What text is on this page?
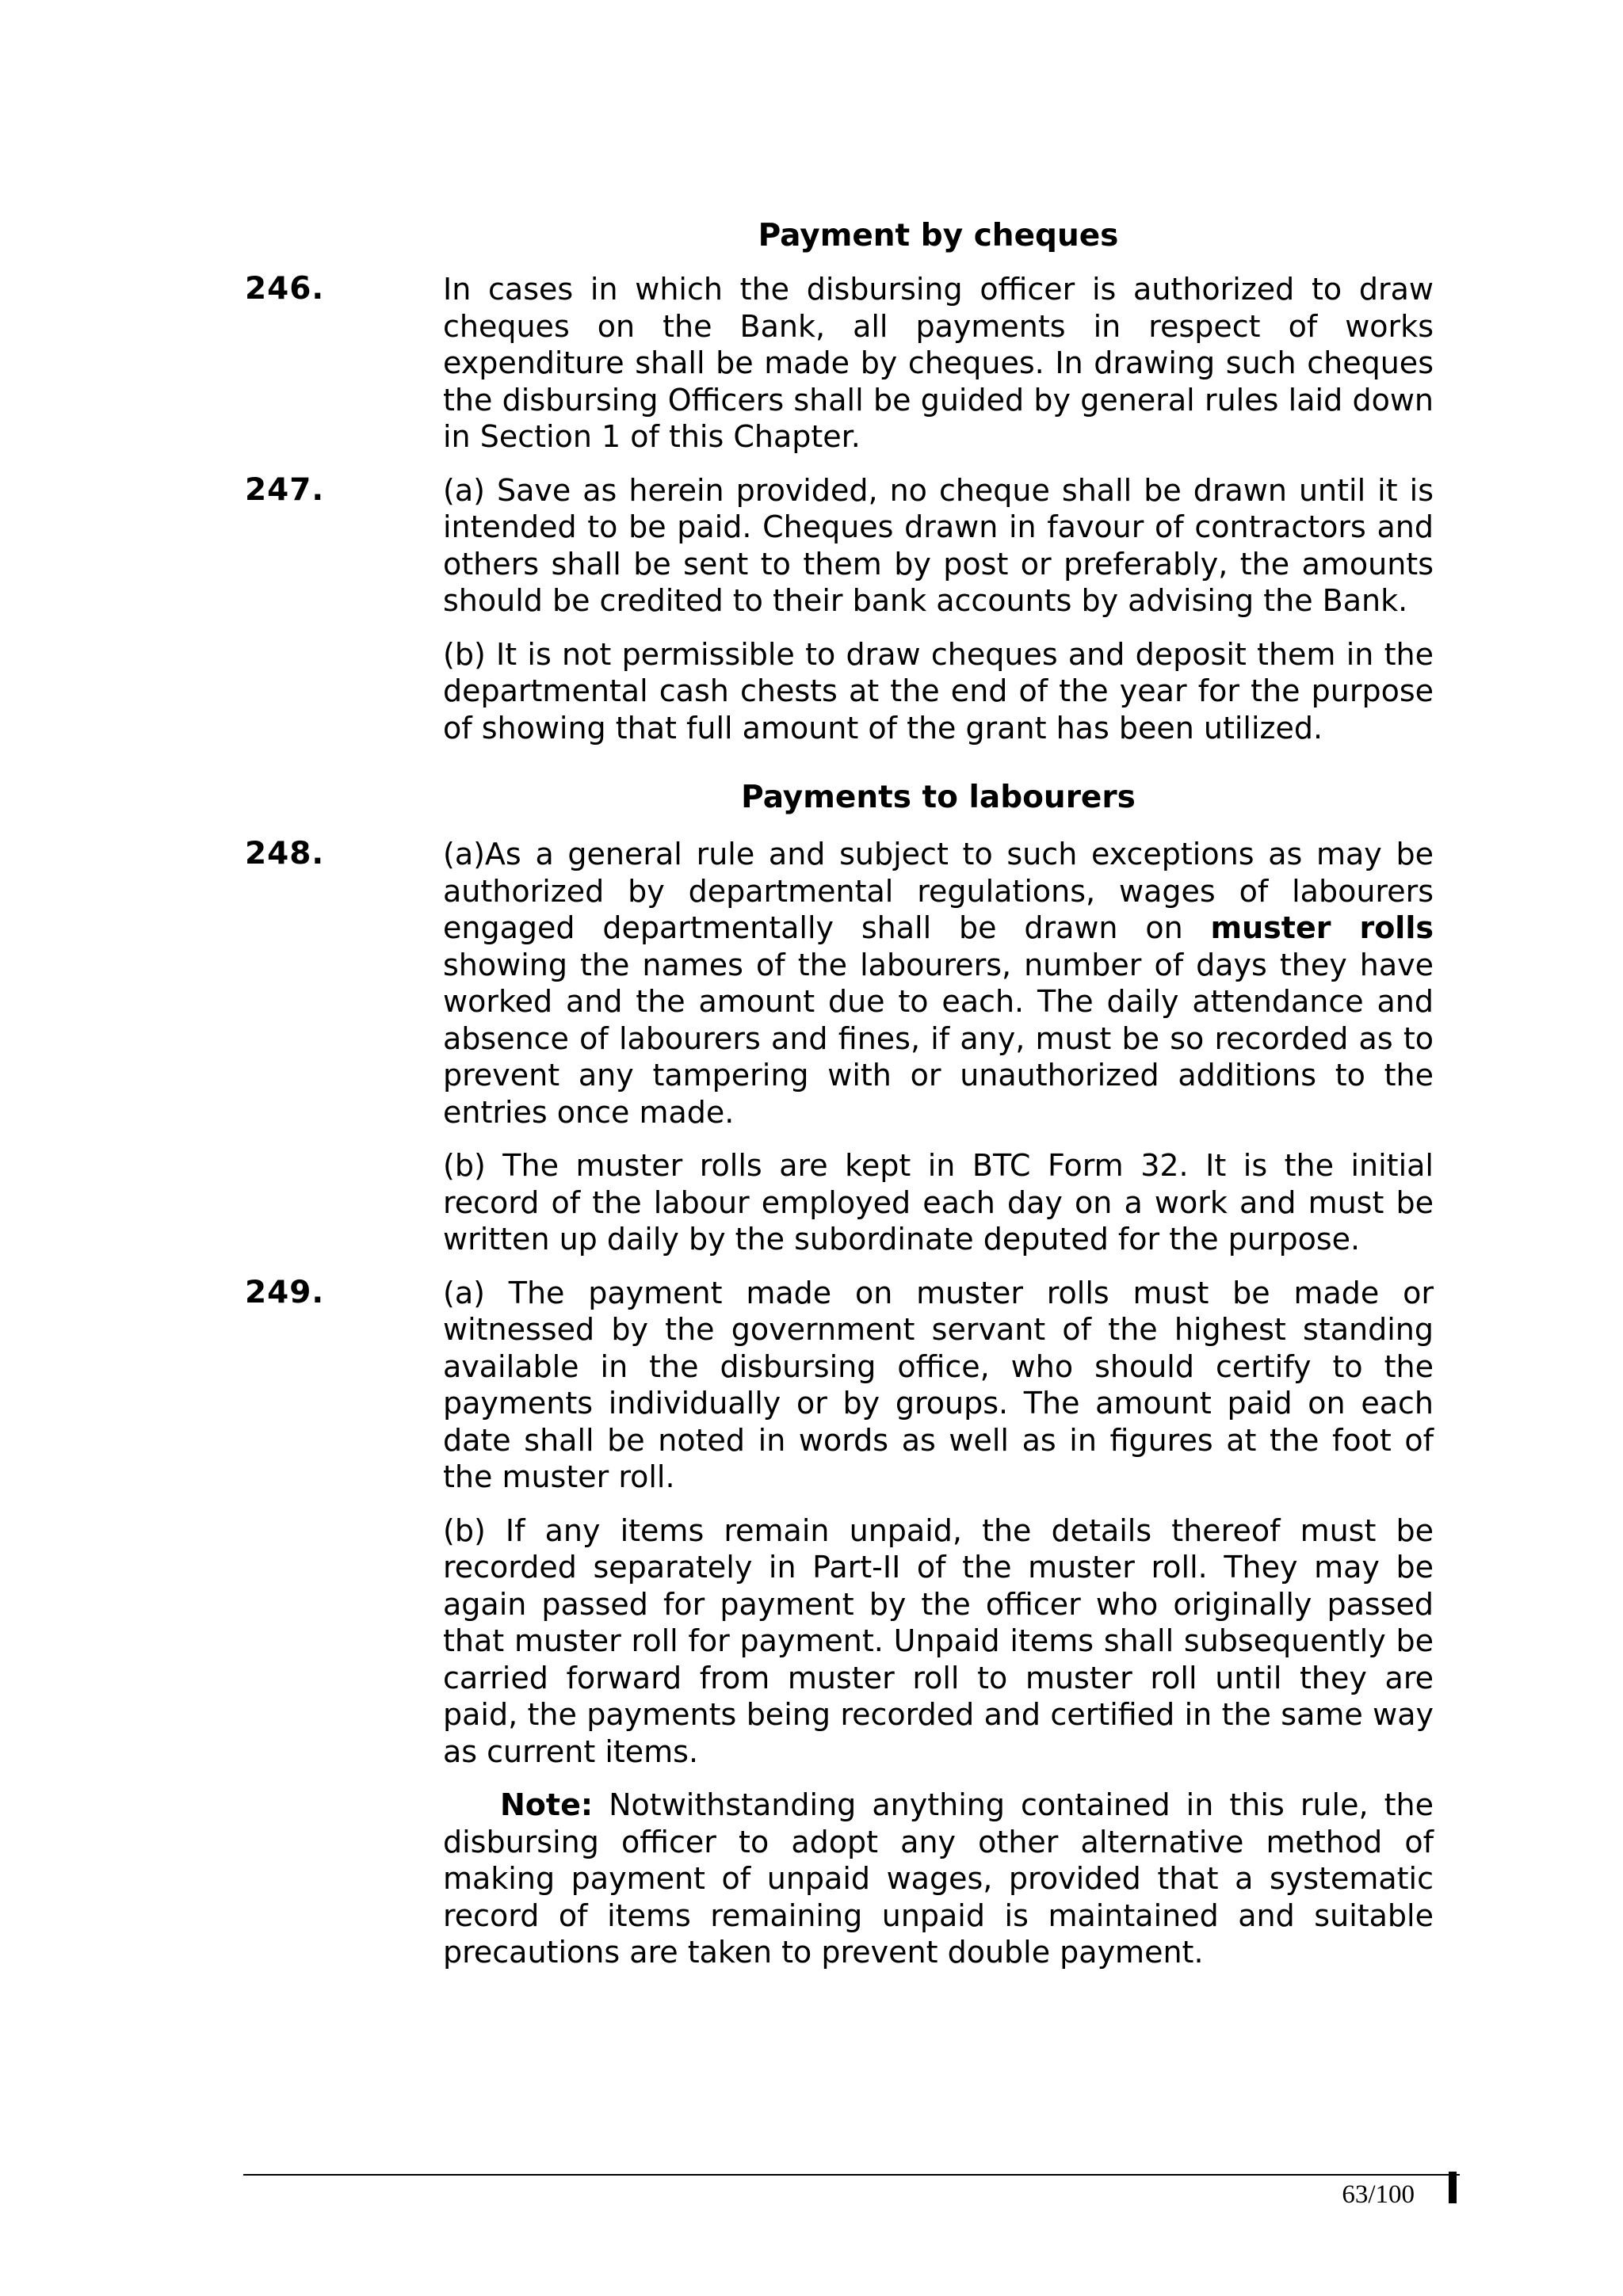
Payment by cheques
246.	In cases in which the disbursing officer is authorized to draw cheques on the Bank, all payments in respect of works expenditure shall be made by cheques. In drawing such cheques the disbursing Officers shall be guided by general rules laid down in Section 1 of this Chapter.
247.	(a) Save as herein provided, no cheque shall be drawn until it is intended to be paid. Cheques drawn in favour of contractors and others shall be sent to them by post or preferably, the amounts should be credited to their bank accounts by advising the Bank.
(b) It is not permissible to draw cheques and deposit them in the departmental cash chests at the end of the year for the purpose of showing that full amount of the grant has been utilized.
Payments to labourers
248.	(a)As a general rule and subject to such exceptions as may be authorized by departmental regulations, wages of labourers engaged departmentally shall be drawn on muster rolls showing the names of the labourers, number of days they have worked and the amount due to each. The daily attendance and absence of labourers and fines, if any, must be so recorded as to prevent any tampering with or unauthorized additions to the entries once made.
(b) The muster rolls are kept in BTC Form 32. It is the initial record of the labour employed each day on a work and must be written up daily by the subordinate deputed for the purpose.
249.	(a) The payment made on muster rolls must be made or witnessed by the government servant of the highest standing available in the disbursing office, who should certify to the payments individually or by groups. The amount paid on each date shall be noted in words as well as in figures at the foot of the muster roll.
(b) If any items remain unpaid, the details thereof must be recorded separately in Part-II of the muster roll. They may be again passed for payment by the officer who originally passed that muster roll for payment. Unpaid items shall subsequently be carried forward from muster roll to muster roll until they are paid, the payments being recorded and certified in the same way as current items.
Note: Notwithstanding anything contained in this rule, the disbursing officer to adopt any other alternative method of making payment of unpaid wages, provided that a systematic record of items remaining unpaid is maintained and suitable precautions are taken to prevent double payment.
63/100
